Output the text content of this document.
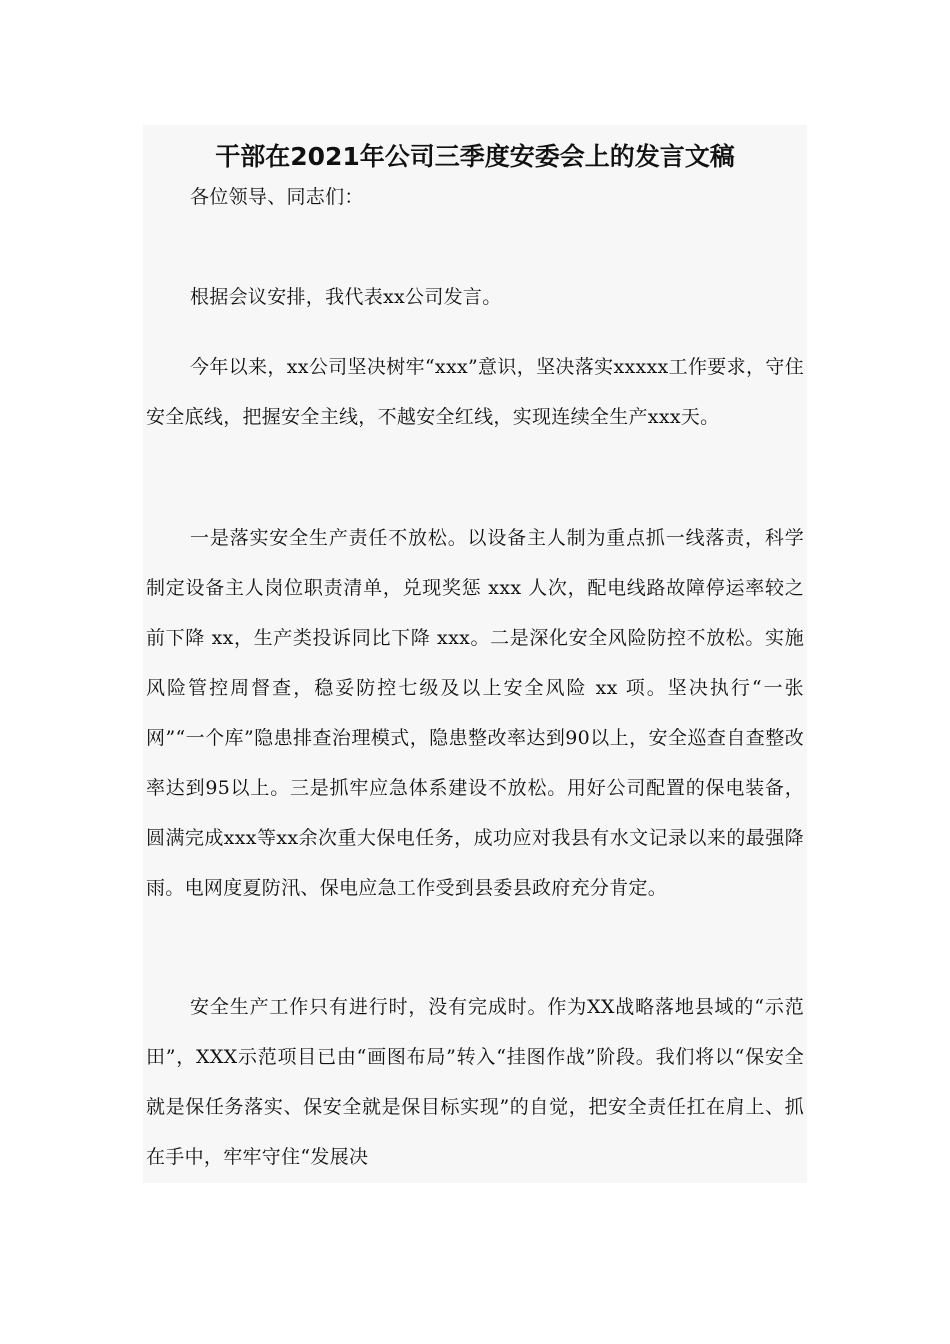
干部在2021年公司三季度安委会上的发言文稿

各位领导、同志们：

根据会议安排，我代表xx公司发言。

今年以来，xx公司坚决树牢“xxx”意识，坚决落实xxxxx工作要求，守住安全底线，把握安全主线，不越安全红线，实现连续全生产xxx天。

一是落实安全生产责任不放松。以设备主人制为重点抓一线落责，科学制定设备主人岗位职责清单，兑现奖惩 xxx 人次，配电线路故障停运率较之前下降 xx，生产类投诉同比下降 xxx。二是深化安全风险防控不放松。实施风险管控周督查，稳妥防控七级及以上安全风险 xx 项。坚决执行“一张网”“一个库”隐患排查治理模式，隐患整改率达到90以上，安全巡查自查整改率达到95以上。三是抓牢应急体系建设不放松。用好公司配置的保电装备，圆满完成xxx等xx余次重大保电任务，成功应对我县有水文记录以来的最强降雨。电网度夏防汛、保电应急工作受到县委县政府充分肯定。

安全生产工作只有进行时，没有完成时。作为XX战略落地县域的“示范田”，XXX示范项目已由“画图布局”转入“挂图作战”阶段。我们将以“保安全就是保任务落实、保安全就是保目标实现”的自觉，把安全责任扛在肩上、抓在手中，牢牢守住“发展决
